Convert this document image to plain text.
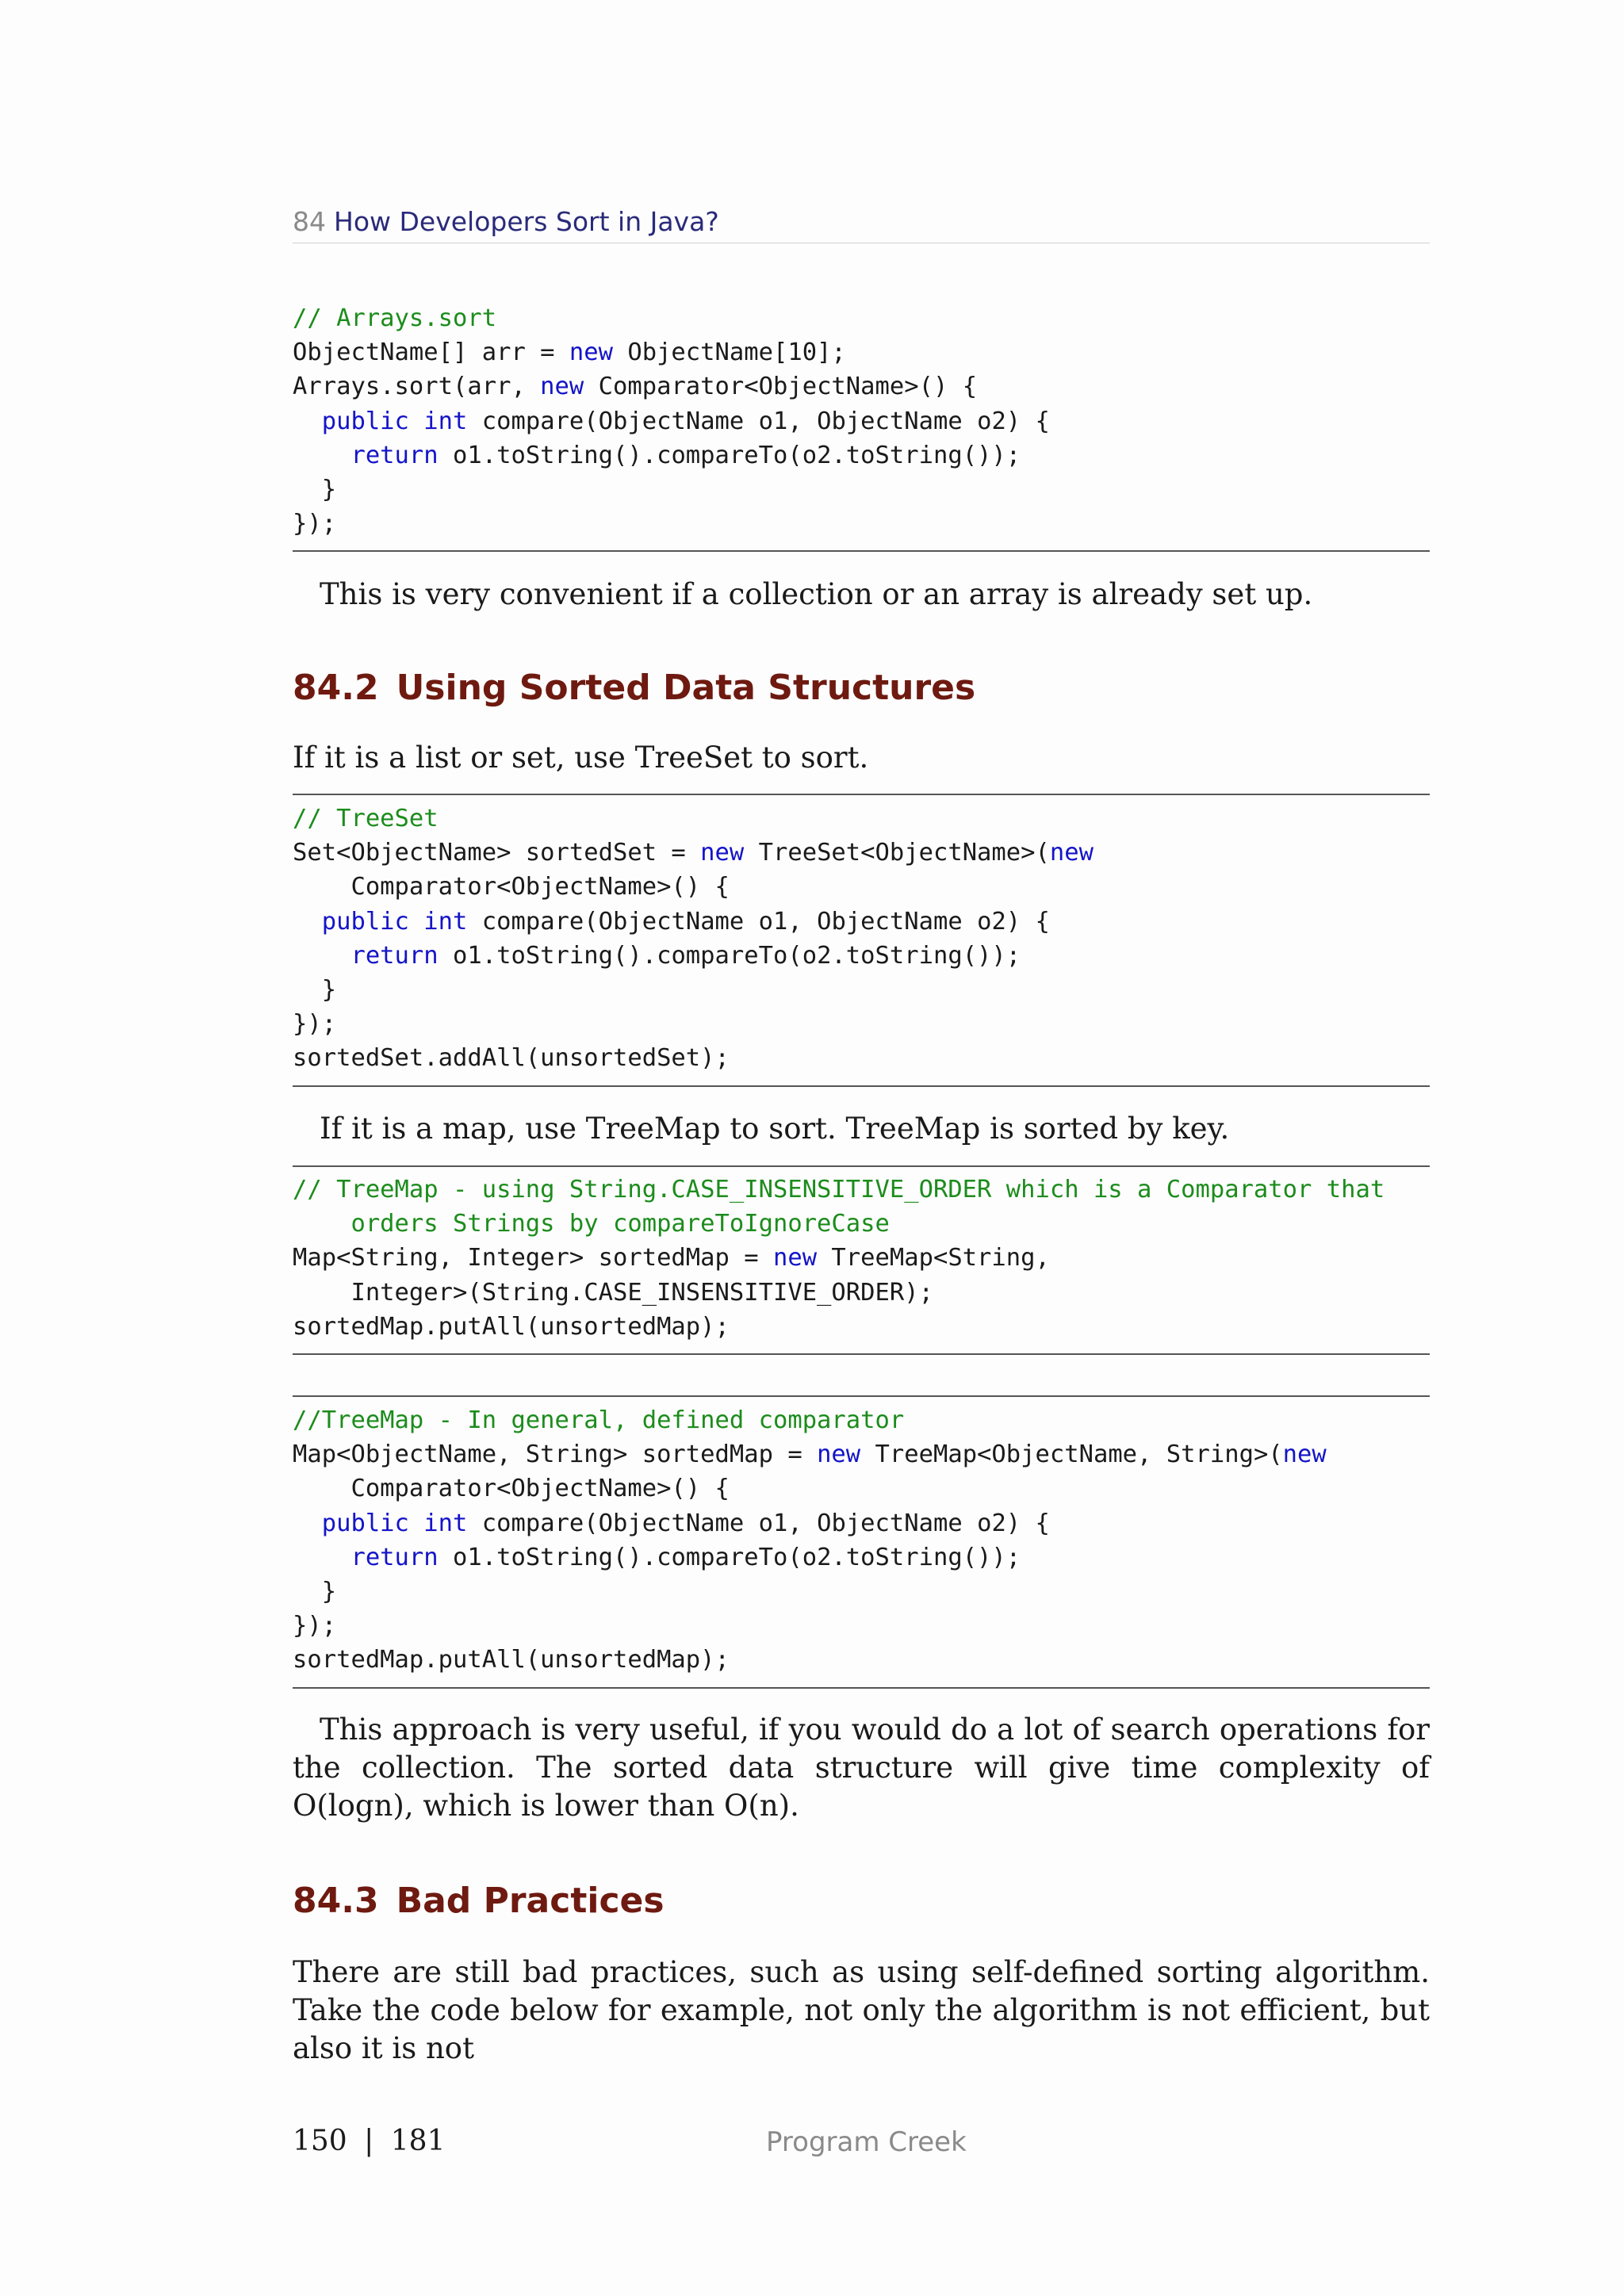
84 How Developers Sort in Java?
// Arrays.sort
ObjectName[] arr = new ObjectName[10];
Arrays.sort(arr, new Comparator<ObjectName>() {
public int compare(ObjectName o1, ObjectName o2) {
return o1.toString().compareTo(o2.toString());
}
});

This is very convenient if a collection or an array is already set up.

84.2 Using Sorted Data Structures

If it is a list or set, use TreeSet to sort.

// TreeSet
Set<ObjectName> sortedSet = new TreeSet<ObjectName>(new
Comparator<ObjectName>() {
public int compare(ObjectName o1, ObjectName o2) {
return o1.toString().compareTo(o2.toString());
}
});
sortedSet.addAll(unsortedSet);

If it is a map, use TreeMap to sort. TreeMap is sorted by key.

// TreeMap - using String.CASE_INSENSITIVE_ORDER which is a Comparator that
orders Strings by compareToIgnoreCase
Map<String, Integer> sortedMap = new TreeMap<String,
Integer>(String.CASE_INSENSITIVE_ORDER);
sortedMap.putAll(unsortedMap);
//TreeMap - In general, defined comparator
Map<ObjectName, String> sortedMap = new TreeMap<ObjectName, String>(new
Comparator<ObjectName>() {
public int compare(ObjectName o1, ObjectName o2) {
return o1.toString().compareTo(o2.toString());
}
});
sortedMap.putAll(unsortedMap);

This approach is very useful, if you would do a lot of search operations for the collection. The sorted data structure will give time complexity of O(logn), which is lower than O(n).

84.3 Bad Practices

There are still bad practices, such as using self-defined sorting algorithm. Take the code below for example, not only the algorithm is not efficient, but also it is not

150 | 181	Program Creek
